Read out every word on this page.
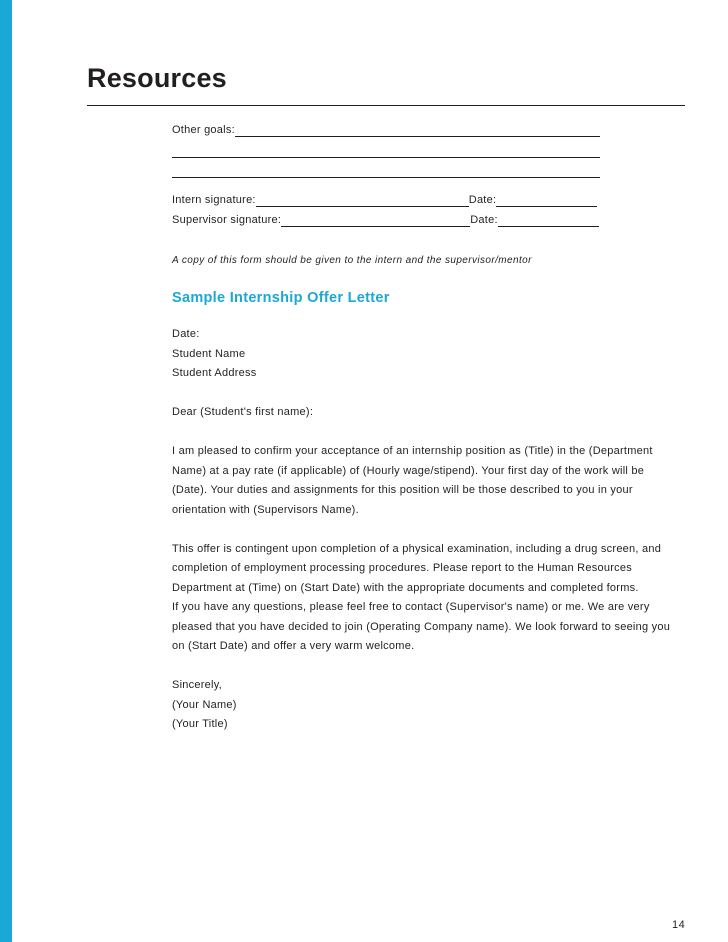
Resources
Other goals:
Intern signature:	Date:
Supervisor signature:	Date:
A copy of this form should be given to the intern and the supervisor/mentor
Sample Internship Offer Letter
Date:
Student Name
Student Address
Dear (Student's first name):
I am pleased to confirm your acceptance of an internship position as (Title) in the (Department
Name) at a pay rate (if applicable) of (Hourly wage/stipend). Your first day of the work will be
(Date). Your duties and assignments for this position will be those described to you in your
orientation with (Supervisors Name).
This offer is contingent upon completion of a physical examination, including a drug screen, and
completion of employment processing procedures. Please report to the Human Resources
Department at (Time) on (Start Date) with the appropriate documents and completed forms.
If you have any questions, please feel free to contact (Supervisor's name) or me. We are very
pleased that you have decided to join (Operating Company name). We look forward to seeing you
on (Start Date) and offer a very warm welcome.
Sincerely,
(Your Name)
(Your Title)
14
